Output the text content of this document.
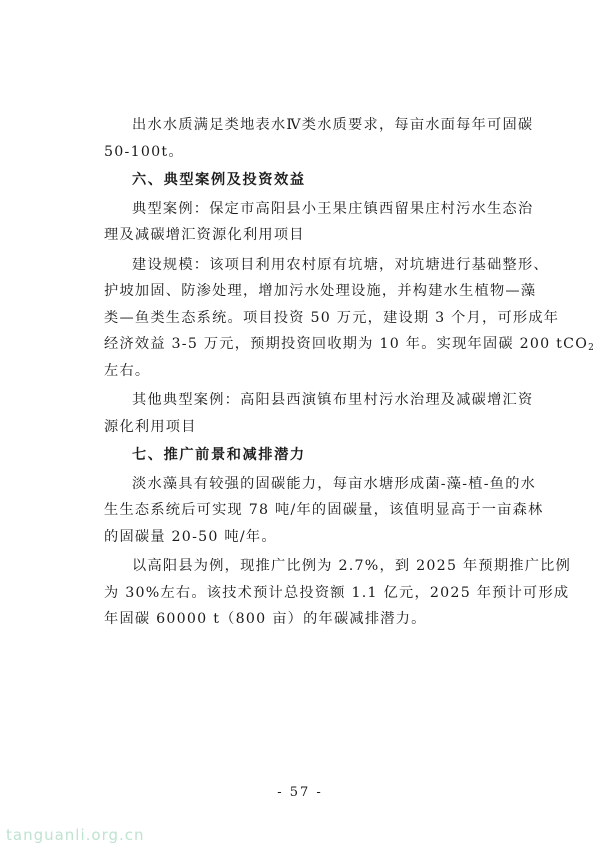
出水水质满足类地表水Ⅳ类水质要求，每亩水面每年可固碳
50-100t。
六、典型案例及投资效益
典型案例：保定市高阳县小王果庄镇西留果庄村污水生态治
理及减碳增汇资源化利用项目
建设规模：该项目利用农村原有坑塘，对坑塘进行基础整形、
护坡加固、防渗处理，增加污水处理设施，并构建水生植物—藻
类—鱼类生态系统。项目投资 50 万元，建设期 3 个月，可形成年
经济效益 3-5 万元，预期投资回收期为 10 年。实现年固碳 200 tCO$_2$
左右。
其他典型案例：高阳县西演镇布里村污水治理及减碳增汇资
源化利用项目
七、推广前景和减排潜力
淡水藻具有较强的固碳能力，每亩水塘形成菌-藻-植-鱼的水
生生态系统后可实现 78 吨/年的固碳量，该值明显高于一亩森林
的固碳量 20-50 吨/年。
以高阳县为例，现推广比例为 2.7%，到 2025 年预期推广比例
为 30%左右。该技术预计总投资额 1.1 亿元，2025 年预计可形成
年固碳 60000 t（800 亩）的年碳减排潜力。
- 57 -
tanguanli.org.cn
